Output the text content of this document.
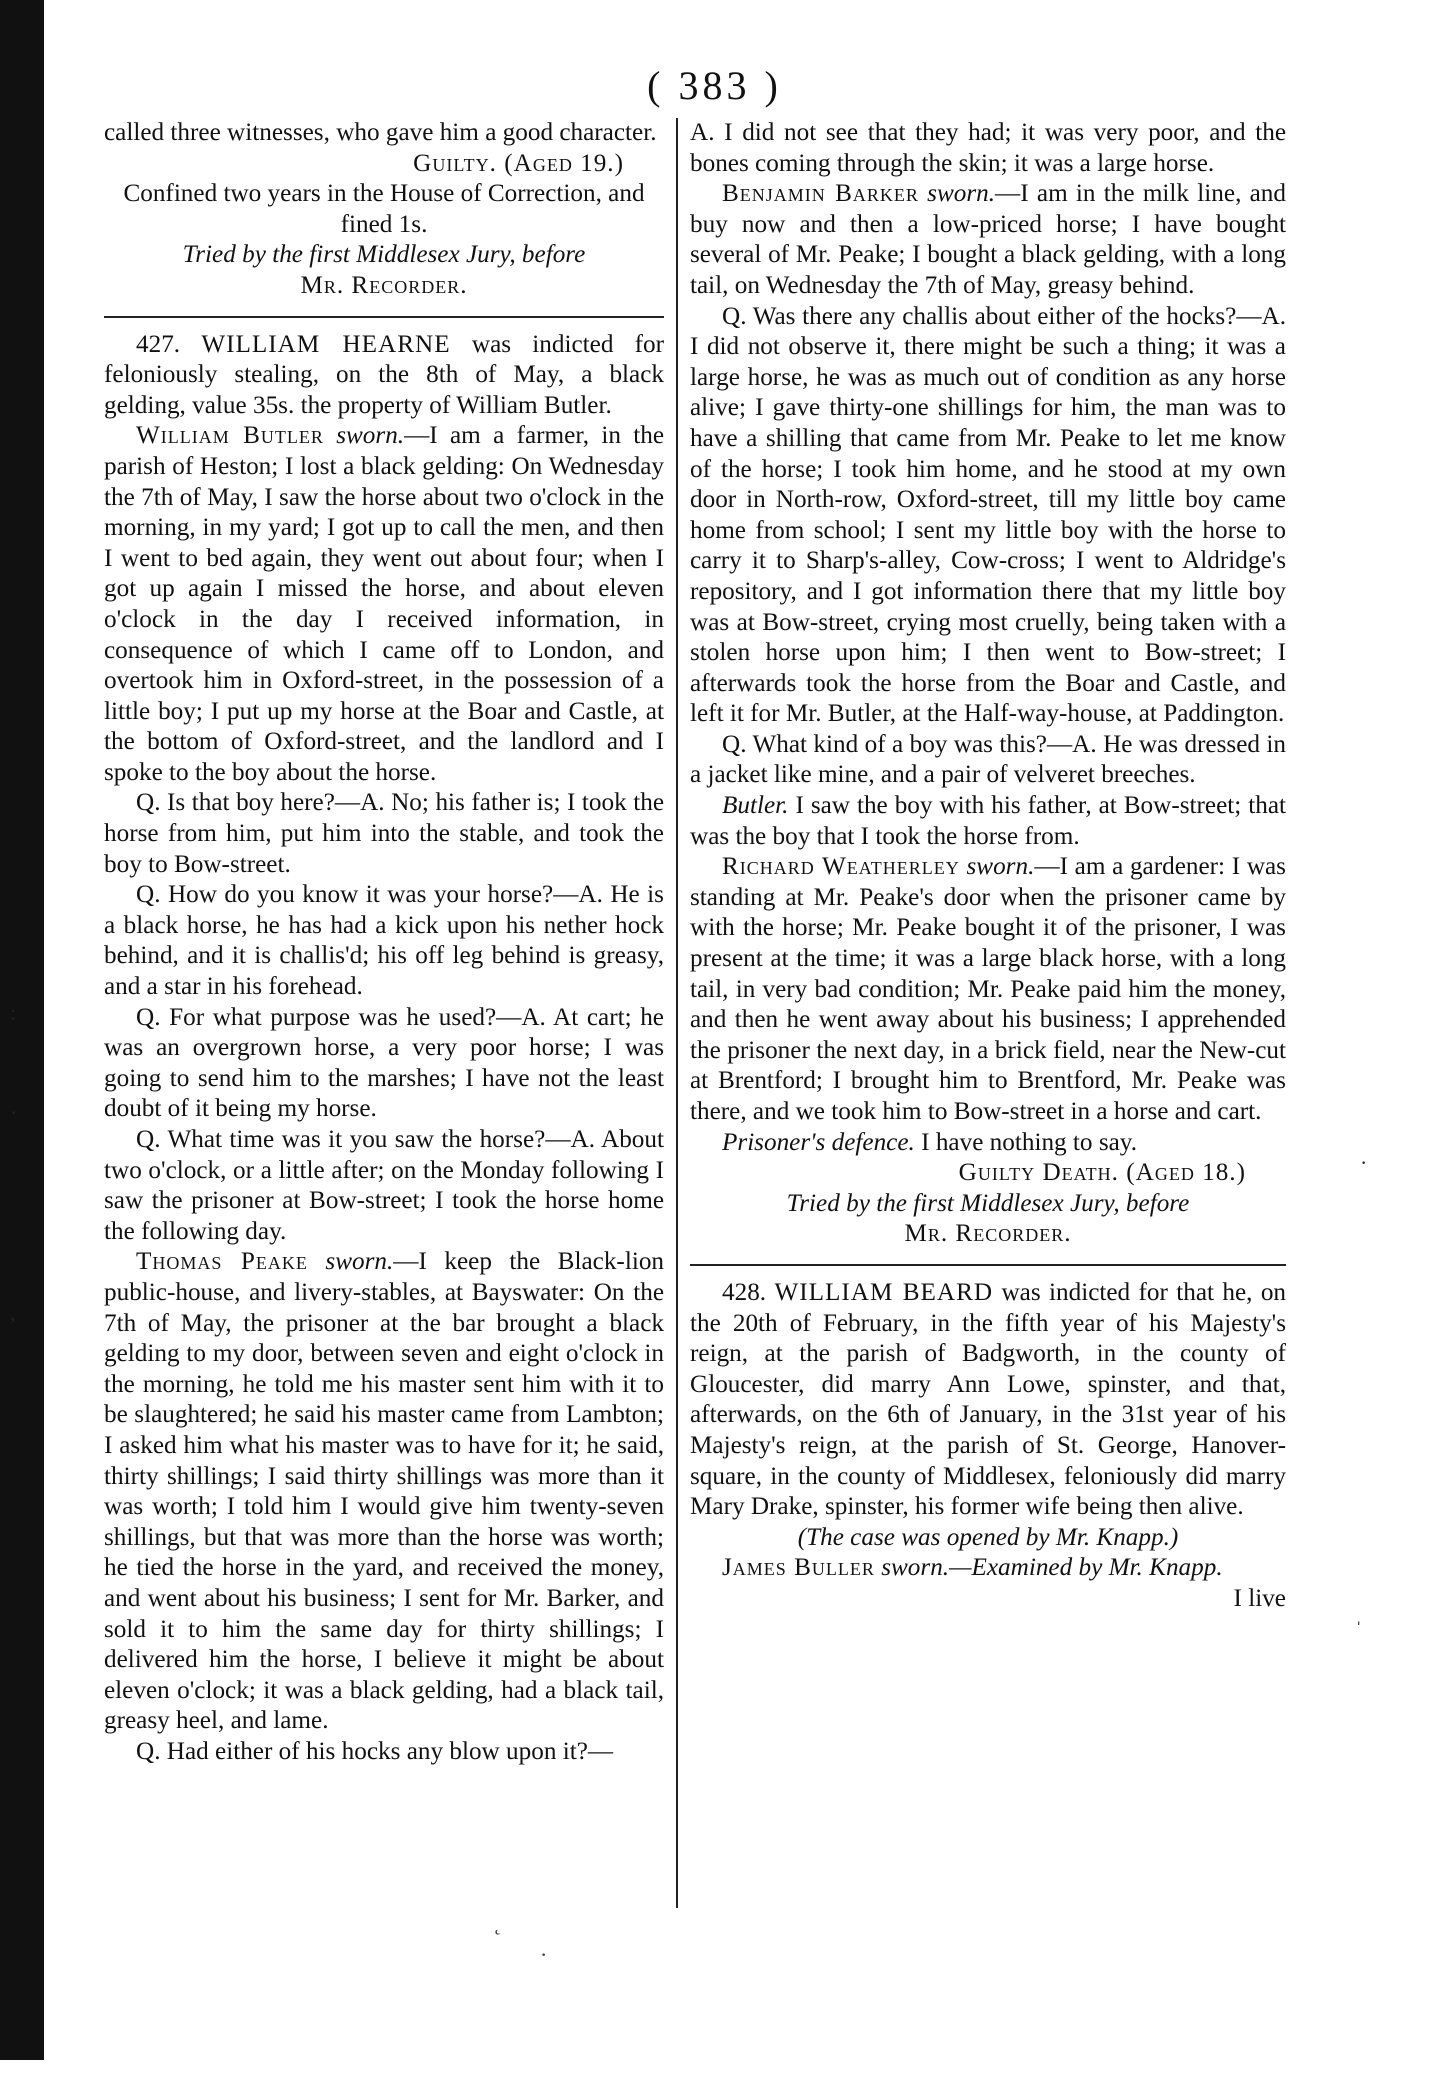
:
·
,
·
ˌ
˛
·
( 383 )

called three witnesses, who gave him a good character.

Guilty. (Aged 19.)

Confined two years in the House of Correction, and fined 1s.

Tried by the first Middlesex Jury, before

Mr. Recorder.

427. WILLIAM HEARNE was indicted for feloniously stealing, on the 8th of May, a black gelding, value 35s. the property of William Butler.

William Butler sworn.—I am a farmer, in the parish of Heston; I lost a black gelding: On Wednesday the 7th of May, I saw the horse about two o'clock in the morning, in my yard; I got up to call the men, and then I went to bed again, they went out about four; when I got up again I missed the horse, and about eleven o'clock in the day I received information, in consequence of which I came off to London, and overtook him in Oxford-street, in the possession of a little boy; I put up my horse at the Boar and Castle, at the bottom of Oxford-street, and the landlord and I spoke to the boy about the horse.

Q. Is that boy here?—A. No; his father is; I took the horse from him, put him into the stable, and took the boy to Bow-street.

Q. How do you know it was your horse?—A. He is a black horse, he has had a kick upon his nether hock behind, and it is challis'd; his off leg behind is greasy, and a star in his forehead.

Q. For what purpose was he used?—A. At cart; he was an overgrown horse, a very poor horse; I was going to send him to the marshes; I have not the least doubt of it being my horse.

Q. What time was it you saw the horse?—A. About two o'clock, or a little after; on the Monday following I saw the prisoner at Bow-street; I took the horse home the following day.

Thomas Peake sworn.—I keep the Black-lion public-house, and livery-stables, at Bayswater: On the 7th of May, the prisoner at the bar brought a black gelding to my door, between seven and eight o'clock in the morning, he told me his master sent him with it to be slaughtered; he said his master came from Lambton; I asked him what his master was to have for it; he said, thirty shillings; I said thirty shillings was more than it was worth; I told him I would give him twenty-seven shillings, but that was more than the horse was worth; he tied the horse in the yard, and received the money, and went about his business; I sent for Mr. Barker, and sold it to him the same day for thirty shillings; I delivered him the horse, I believe it might be about eleven o'clock; it was a black gelding, had a black tail, greasy heel, and lame.

Q. Had either of his hocks any blow upon it?—

A. I did not see that they had; it was very poor, and the bones coming through the skin; it was a large horse.

Benjamin Barker sworn.—I am in the milk line, and buy now and then a low-priced horse; I have bought several of Mr. Peake; I bought a black gelding, with a long tail, on Wednesday the 7th of May, greasy behind.

Q. Was there any challis about either of the hocks?—A. I did not observe it, there might be such a thing; it was a large horse, he was as much out of condition as any horse alive; I gave thirty-one shillings for him, the man was to have a shilling that came from Mr. Peake to let me know of the horse; I took him home, and he stood at my own door in North-row, Oxford-street, till my little boy came home from school; I sent my little boy with the horse to carry it to Sharp's-alley, Cow-cross; I went to Aldridge's repository, and I got information there that my little boy was at Bow-street, crying most cruelly, being taken with a stolen horse upon him; I then went to Bow-street; I afterwards took the horse from the Boar and Castle, and left it for Mr. Butler, at the Half-way-house, at Paddington.

Q. What kind of a boy was this?—A. He was dressed in a jacket like mine, and a pair of velveret breeches.

Butler. I saw the boy with his father, at Bow-street; that was the boy that I took the horse from.

Richard Weatherley sworn.—I am a gardener: I was standing at Mr. Peake's door when the prisoner came by with the horse; Mr. Peake bought it of the prisoner, I was present at the time; it was a large black horse, with a long tail, in very bad condition; Mr. Peake paid him the money, and then he went away about his business; I apprehended the prisoner the next day, in a brick field, near the New-cut at Brentford; I brought him to Brentford, Mr. Peake was there, and we took him to Bow-street in a horse and cart.

Prisoner's defence. I have nothing to say.

Guilty Death. (Aged 18.)

Tried by the first Middlesex Jury, before

Mr. Recorder.

428. WILLIAM BEARD was indicted for that he, on the 20th of February, in the fifth year of his Majesty's reign, at the parish of Badgworth, in the county of Gloucester, did marry Ann Lowe, spinster, and that, afterwards, on the 6th of January, in the 31st year of his Majesty's reign, at the parish of St. George, Hanover-square, in the county of Middlesex, feloniously did marry Mary Drake, spinster, his former wife being then alive.

(The case was opened by Mr. Knapp.)

James Buller sworn.—Examined by Mr. Knapp.

I live
